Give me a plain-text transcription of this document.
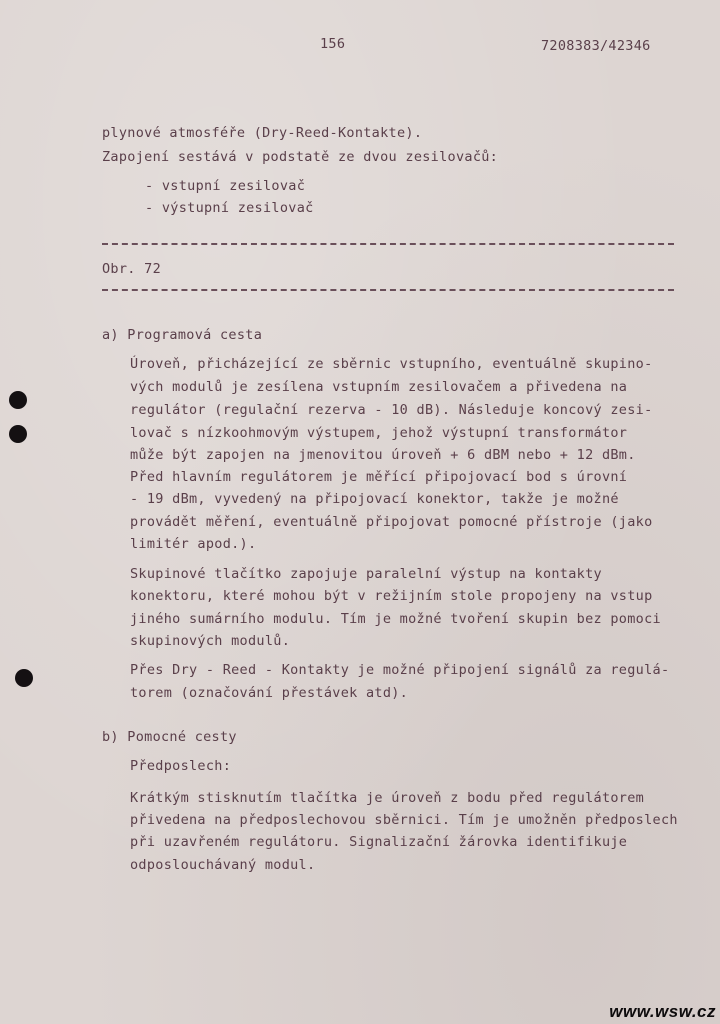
156	7208383/42346
plynové atmosféře (Dry-Reed-Kontakte).
Zapojení sestává v podstatě ze dvou zesilovačů:
- vstupní zesilovač
- výstupní zesilovač
Obr. 72
a) Programová cesta
Úroveň, přicházející ze sběrnic vstupního, eventuálně skupino-
vých modulů je zesílena vstupním zesilovačem a přivedena na
regulátor (regulační rezerva - 10 dB). Následuje koncový zesi-
lovač s nízkoohmovým výstupem, jehož výstupní transformátor
může být zapojen na jmenovitou úroveň + 6 dBM nebo + 12 dBm.
Před hlavním regulátorem je měřící připojovací bod s úrovní
- 19 dBm, vyvedený na připojovací konektor, takže je možné
provádět měření, eventuálně připojovat pomocné přístroje (jako
limitér apod.).
Skupinové tlačítko zapojuje paralelní výstup na kontakty
konektoru, které mohou být v režijním stole propojeny na vstup
jiného sumárního modulu. Tím je možné tvoření skupin bez pomoci
skupinových modulů.
Přes Dry - Reed - Kontakty je možné připojení signálů za regulá-
torem (označování přestávek atd).
b) Pomocné cesty
Předposlech:
Krátkým stisknutím tlačítka je úroveň z bodu před regulátorem
přivedena na předposlechovou sběrnici. Tím je umožněn předposlech
při uzavřeném regulátoru. Signalizační žárovka identifikuje
odposlouchávaný modul.
www.wsw.cz
